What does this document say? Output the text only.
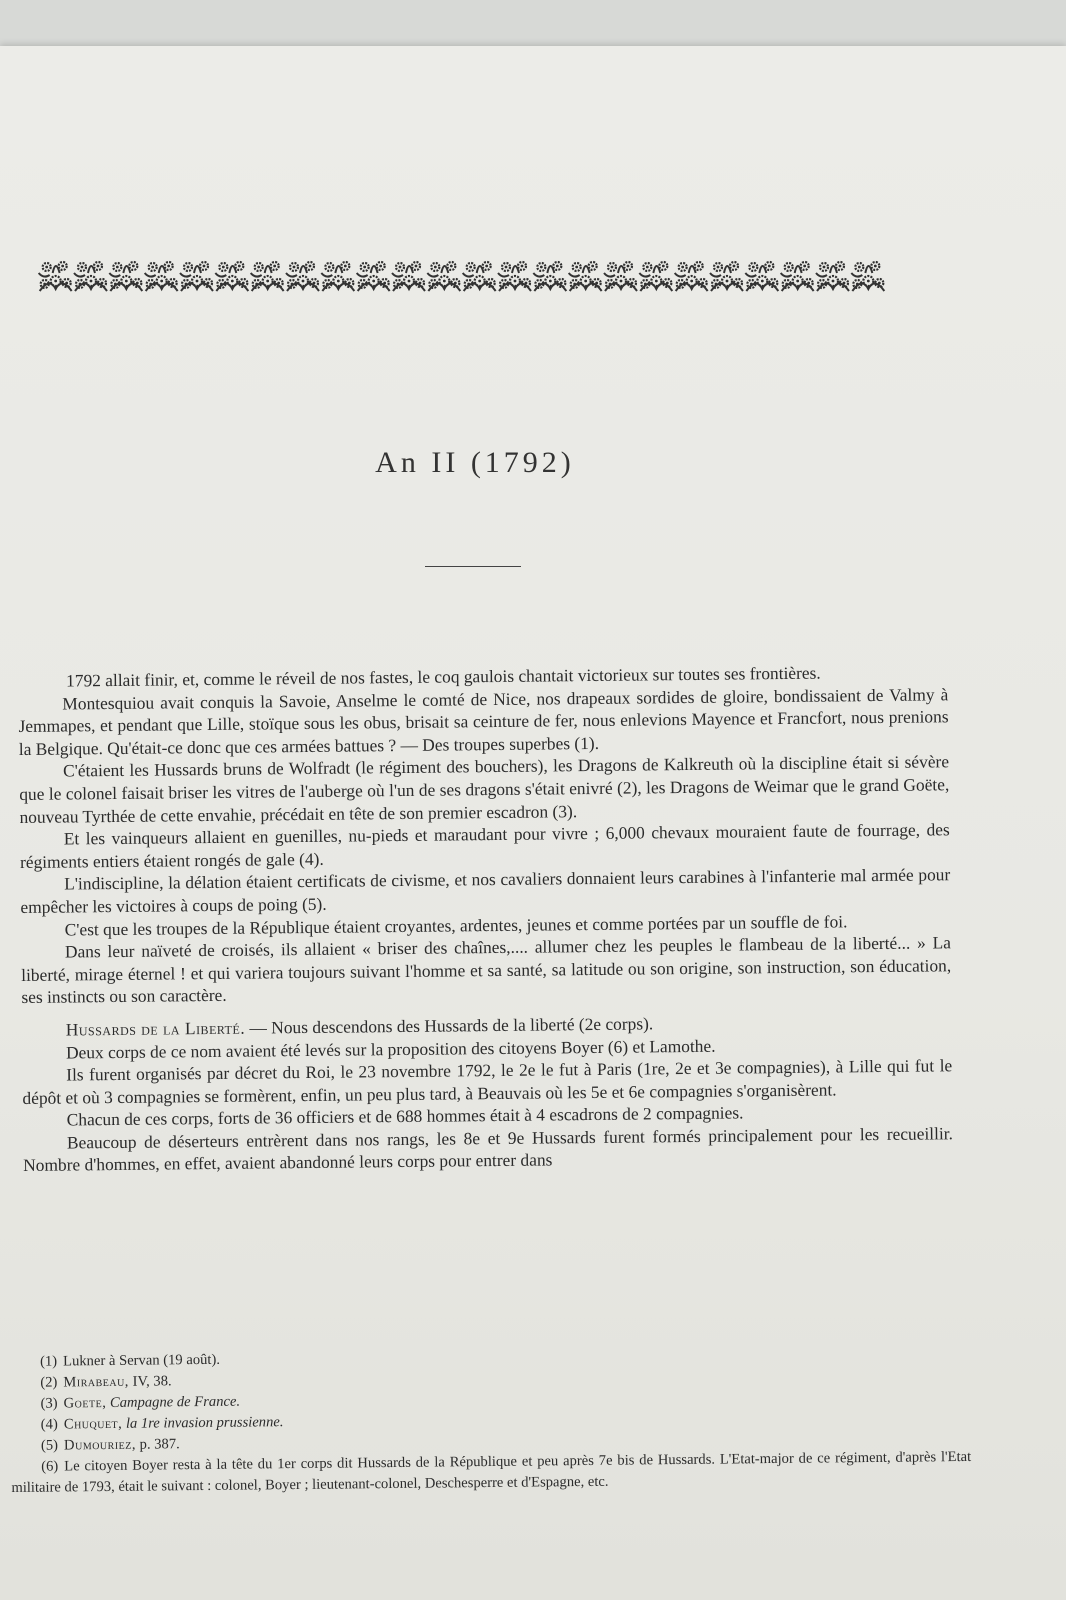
An II (1792)

1792 allait finir, et, comme le réveil de nos fastes, le coq gaulois chantait victorieux sur toutes ses frontières.

Montesquiou avait conquis la Savoie, Anselme le comté de Nice, nos drapeaux sordides de gloire, bondissaient de Valmy à Jemmapes, et pendant que Lille, stoïque sous les obus, brisait sa ceinture de fer, nous enlevions Mayence et Francfort, nous prenions la Belgique. Qu'était-ce donc que ces armées battues ? — Des troupes superbes (1).

C'étaient les Hussards bruns de Wolfradt (le régiment des bouchers), les Dragons de Kalkreuth où la discipline était si sévère que le colonel faisait briser les vitres de l'auberge où l'un de ses dragons s'était enivré (2), les Dragons de Weimar que le grand Goëte, nouveau Tyrthée de cette envahie, précédait en tête de son premier escadron (3).

Et les vainqueurs allaient en guenilles, nu-pieds et maraudant pour vivre ; 6,000 chevaux mouraient faute de fourrage, des régiments entiers étaient rongés de gale (4).

L'indiscipline, la délation étaient certificats de civisme, et nos cavaliers donnaient leurs carabines à l'infanterie mal armée pour empêcher les victoires à coups de poing (5).

C'est que les troupes de la République étaient croyantes, ardentes, jeunes et comme portées par un souffle de foi.

Dans leur naïveté de croisés, ils allaient « briser des chaînes,.... allumer chez les peuples le flambeau de la liberté... » La liberté, mirage éternel ! et qui variera toujours suivant l'homme et sa santé, sa latitude ou son origine, son instruction, son éducation, ses instincts ou son caractère.

Hussards de la Liberté. — Nous descendons des Hussards de la liberté (2e corps).

Deux corps de ce nom avaient été levés sur la proposition des citoyens Boyer (6) et Lamothe.

Ils furent organisés par décret du Roi, le 23 novembre 1792, le 2e le fut à Paris (1re, 2e et 3e compagnies), à Lille qui fut le dépôt et où 3 compagnies se formèrent, enfin, un peu plus tard, à Beauvais où les 5e et 6e compagnies s'organisèrent.

Chacun de ces corps, forts de 36 officiers et de 688 hommes était à 4 escadrons de 2 compagnies.

Beaucoup de déserteurs entrèrent dans nos rangs, les 8e et 9e Hussards furent formés principalement pour les recueillir. Nombre d'hommes, en effet, avaient abandonné leurs corps pour entrer dans

(1) Lukner à Servan (19 août).
(2) Mirabeau, IV, 38.
(3) Goete, Campagne de France.
(4) Chuquet, la 1re invasion prussienne.
(5) Dumouriez, p. 387.
(6) Le citoyen Boyer resta à la tête du 1er corps dit Hussards de la République et peu après 7e bis de Hussards. L'Etat-major de ce régiment, d'après l'Etat militaire de 1793, était le suivant : colonel, Boyer ; lieutenant-colonel, Deschesperre et d'Espagne, etc.
